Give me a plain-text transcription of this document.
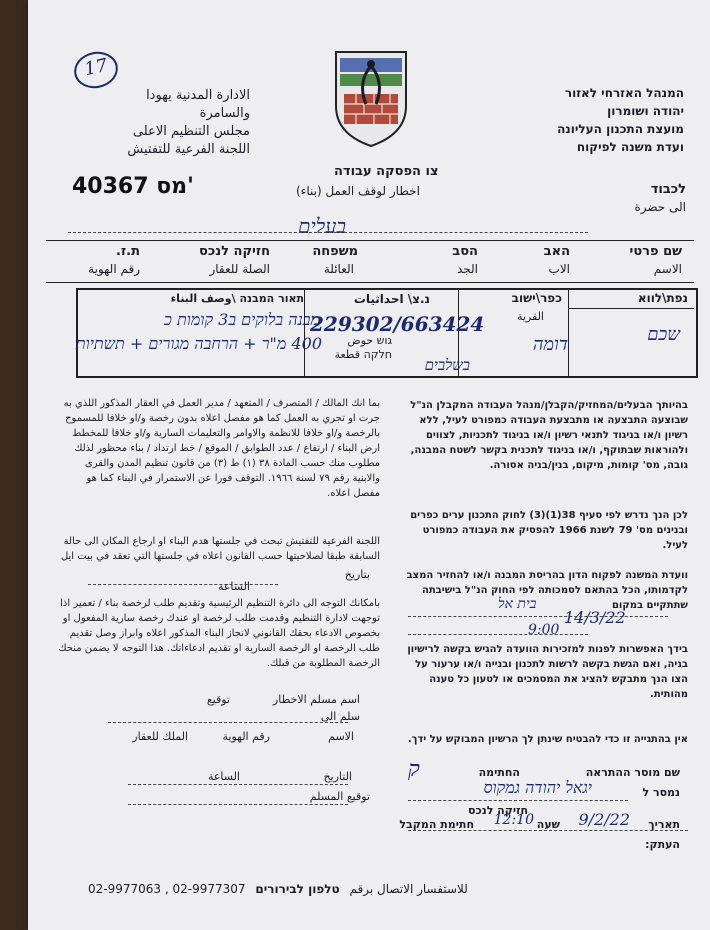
17
الادارة المدنية يهودا
والسامرة
مجلس التنظيم الاعلى
اللجنة الفرعية للتفتيش
המנהל האזרחי לאזור
יהודה ושומרון
מועצת התכנון העליונה
ועדת משנה לפיקוח
צו הפסקה עבודה
اخطار لوقف العمل (بناء)
40367 מס'	לכבוד
الى حضرة
בעלים
שם פרטי
الاسم
האב
الاب
הסב
الجد
משפחה
العائلة
חזיקה לנכס
الصلة للعقار
ת.ז.
رقم الهوية
נפת\לווא
שכם
כפר\ישוב
القرية
דומה
נ.צ\ احداثيات
229302/663424
גוש حوض
חלקה قطعة
תאור המבנה \وصف البناء
מבנה בלוקים ב3 קומות כ
400 מ"ר + הרחבה מגורים + תשתיות
בשלבים
בהיותך הבעלים/המחזיק/הקבלן/מנהל העבודה המקבלן הנ"ל שבוצעה התבצעה או מתבצעת העבודה כמפורט לעיל, ללא רשיון ו/או בניגוד לתנאי רשיון ו/או בניגוד לתכניות, לצווים ולהוראות שבתוקף, ו/או בניגוד לתכנית בקשר לשטח המבנה, גובה, מס' קומות, מיקום, בנין/בניה אסורה.
بما انك المالك / المتصرف / المتعهد / مدير العمل في العقار المذكور اللذي به جرت او تجري به العمل كما هو مفصل اعلاه بدون رخصة و/او خلافا للمسموح بالرخصة و/او خلافا للانظمة والاوامر والتعليمات السارية و/او خلافا للمخطط ارض البناء / ارتفاع / عدد الطوابق / الموقع / خط ارتداد / بناء محظور لذلك مطلوب منك حسب المادة ٣٨ (١) ط (٣) من قانون تنظيم المدن والقرى والابنية رقم ٧٩ لسنة ١٩٦٦. التوقف فورا عن الاستمرار في البناء كما هو مفصل اعلاه.
לכן הנך נדרש לפי סעיף 38(1)(3) לחוק התכנון ערים כפרים ובנינים מס' 79 לשנת 1966 להפסיק את העבודה כמפורט לעיל.
اللجنة الفرعية للتفتيش تبحث في جلستها هدم البناء او ارجاع المكان الى حالة السابقة طبقا لصلاحيتها حسب القانون اعلاه في جلستها التي تعقد في بيت ايل
וועדת המשנה לפקוח הדון בהריסת המבנה ו/או להחזיר המצב לקדמותו, הכל בהתאם לסמכותה לפי החוק הנ"ל בישיבתה שתתקיים במקום
בית אל
14/3/22
9:00
بتاريخ
الساعة
بامكانك التوجه الى دائرة التنظيم الرئيسية وتقديم طلب لرخصة بناء / تعمير اذا توجهت لادارة التنظيم وقدمت طلب لرخصة او عندك رخصة سارية المفعول او بخصوص الادعاء بحقك القانوني لانجاز البناء المذكور اعلاه وابراز وصل تقديم طلب الرخصة او الرخصة السارية او تقديم ادعاءاتك. هذا التوجه لا يضمن منحك الرخصة المطلوبة من قبلك.
בידך האפשרות לפנות למזכירות הוועדה להגיש בקשה לרישיון בניה, ואם הגשת בקשה לרשות לתכנון ובנייה ו/או ערעור על הצו הנך מתבקש להציג את המסמכים או לטעון כל טענה מהותית.
אין בהתגייה זו כדי להבטיח שינתן לך הרשיון המבוקש על ידך.
اسم مسلم الاخطار
توقيع
سلم الى
الاسم
رقم الهوية
الملك للعقار
التاريخ
الساعة
توقيع المسلم
שם מוסר ההתראה
החתימה
ק
נמסר ל
יגאל יהודה גמקוס
חזיקה לנכס
תאריך
9/2/22
שעה
12:10
חתימת המקבל
העתק:
02-9977063 , 02-9977307	للاستفسار الاتصال برقم טלפון לבירורים
